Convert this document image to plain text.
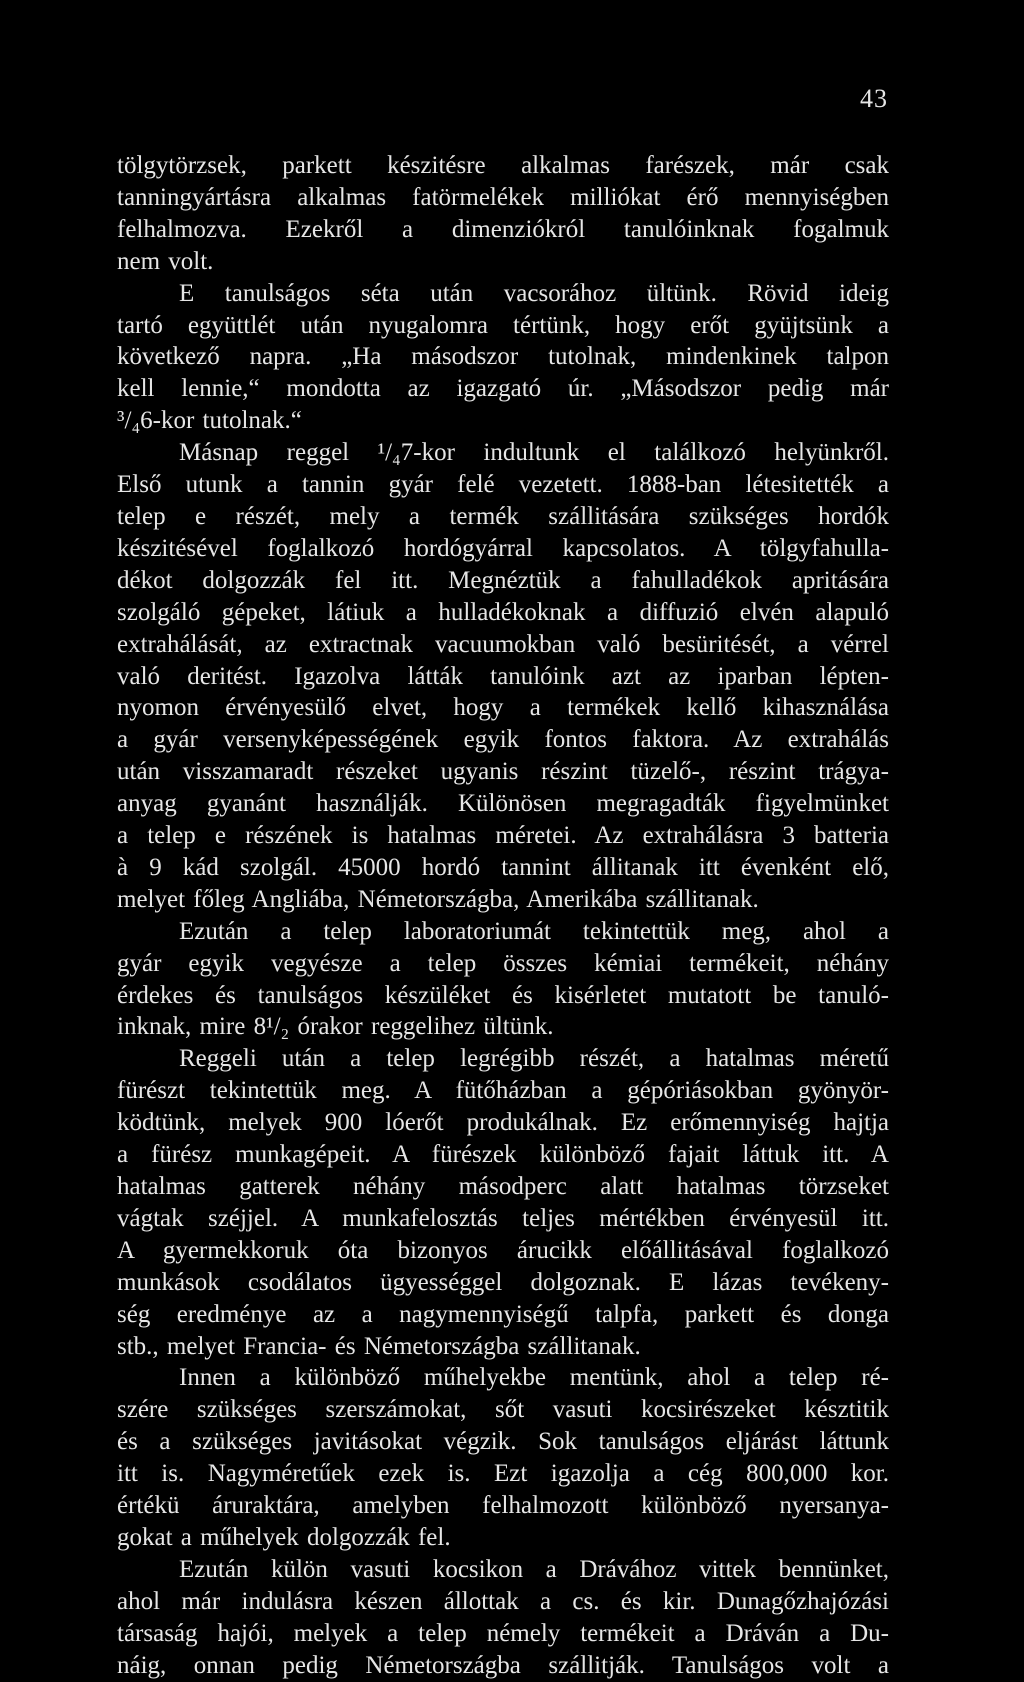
43

tölgytörzsek, parkett készitésre alkalmas farészek, már csak

tanningyártásra alkalmas fatörmelékek milliókat érő mennyiségben

felhalmozva. Ezekről a dimenziókról tanulóinknak fogalmuk

nem volt.

E tanulságos séta után vacsorához ültünk. Rövid ideig

tartó együttlét után nyugalomra tértünk, hogy erőt gyüjtsünk a

következő napra. „Ha másodszor tutolnak, mindenkinek talpon

kell lennie,“ mondotta az igazgató úr. „Másodszor pedig már

³/₄6-kor tutolnak.“

Másnap reggel ¹/₄7-kor indultunk el találkozó helyünkről.

Első utunk a tannin gyár felé vezetett. 1888-ban létesitették a

telep e részét, mely a termék szállitására szükséges hordók

készitésével foglalkozó hordógyárral kapcsolatos. A tölgyfahulla-

dékot dolgozzák fel itt. Megnéztük a fahulladékok apritására

szolgáló gépeket, látiuk a hulladékoknak a diffuzió elvén alapuló

extrahálását, az extractnak vacuumokban való besüritését, a vérrel

való deritést. Igazolva látták tanulóink azt az iparban lépten-

nyomon érvényesülő elvet, hogy a termékek kellő kihasználása

a gyár versenyképességének egyik fontos faktora. Az extrahálás

után visszamaradt részeket ugyanis részint tüzelő-, részint trágya-

anyag gyanánt használják. Különösen megragadták figyelmünket

a telep e részének is hatalmas méretei. Az extrahálásra 3 batteria

à 9 kád szolgál. 45000 hordó tannint állitanak itt évenként elő,

melyet főleg Angliába, Németországba, Amerikába szállitanak.

Ezután a telep laboratoriumát tekintettük meg, ahol a

gyár egyik vegyésze a telep összes kémiai termékeit, néhány

érdekes és tanulságos készüléket és kisérletet mutatott be tanuló-

inknak, mire 8¹/₂ órakor reggelihez ültünk.

Reggeli után a telep legrégibb részét, a hatalmas méretű

fürészt tekintettük meg. A fütőházban a gépóriásokban gyönyör-

ködtünk, melyek 900 lóerőt produkálnak. Ez erőmennyiség hajtja

a fürész munkagépeit. A fürészek különböző fajait láttuk itt. A

hatalmas gatterek néhány másodperc alatt hatalmas törzseket

vágtak széjjel. A munkafelosztás teljes mértékben érvényesül itt.

A gyermekkoruk óta bizonyos árucikk előállitásával foglalkozó

munkások csodálatos ügyességgel dolgoznak. E lázas tevékeny-

ség eredménye az a nagymennyiségű talpfa, parkett és donga

stb., melyet Francia- és Németországba szállitanak.

Innen a különböző műhelyekbe mentünk, ahol a telep ré-

szére szükséges szerszámokat, sőt vasuti kocsirészeket késztitik

és a szükséges javitásokat végzik. Sok tanulságos eljárást láttunk

itt is. Nagyméretűek ezek is. Ezt igazolja a cég 800,000 kor.

értékü áruraktára, amelyben felhalmozott különböző nyersanya-

gokat a műhelyek dolgozzák fel.

Ezután külön vasuti kocsikon a Drávához vittek bennünket,

ahol már indulásra készen állottak a cs. és kir. Dunagőzhajózási

társaság hajói, melyek a telep némely termékeit a Dráván a Du-

náig, onnan pedig Németországba szállitják. Tanulságos volt a
